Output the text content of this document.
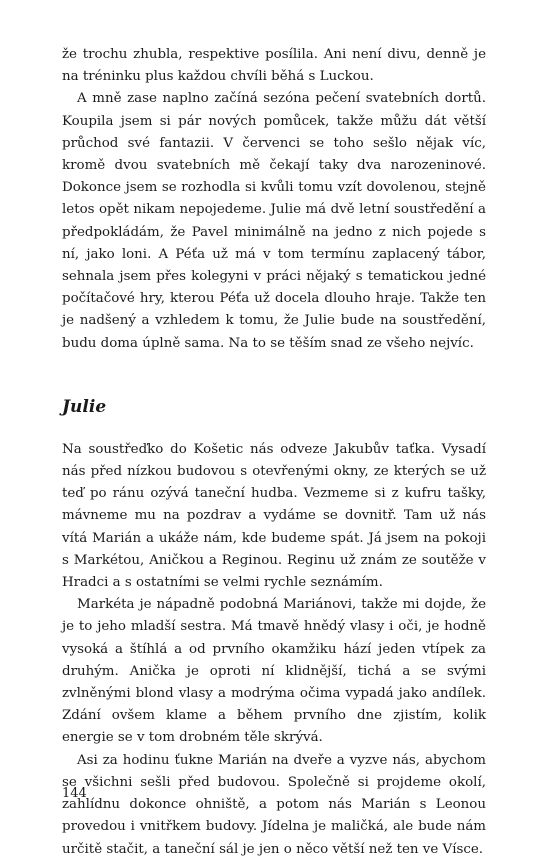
že trochu zhubla, respektive posílila. Ani není divu, denně je na tréninku plus každou chvíli běhá s Luckou.

A mně zase naplno začíná sezóna pečení svatebních dortů. Koupila jsem si pár nových pomůcek, takže můžu dát větší průchod své fantazii. V červenci se toho sešlo nějak víc, kromě dvou svatebních mě čekají taky dva narozeninové. Dokonce jsem se rozhodla si kvůli tomu vzít dovolenou, stejně letos opět nikam nepojedeme. Julie má dvě letní soustředění a předpokládám, že Pavel minimálně na jedno z nich pojede s ní, jako loni. A Péťa už má v tom termínu zaplacený tábor, sehnala jsem přes kolegyni v práci nějaký s tematickou jedné počítačové hry, kterou Péťa už docela dlouho hraje. Takže ten je nadšený a vzhledem k tomu, že Julie bude na soustředění, budu doma úplně sama. Na to se těším snad ze všeho nejvíc.

Julie

Na soustřeďko do Košetic nás odveze Jakubův taťka. Vysadí nás před nízkou budovou s otevřenými okny, ze kterých se už teď po ránu ozývá taneční hudba. Vezmeme si z kufru tašky, mávneme mu na pozdrav a vydáme se dovnitř. Tam už nás vítá Marián a ukáže nám, kde budeme spát. Já jsem na pokoji s Markétou, Aničkou a Reginou. Reginu už znám ze soutěže v Hradci a s ostatními se velmi rychle seznámím.

Markéta je nápadně podobná Mariánovi, takže mi dojde, že je to jeho mladší sestra. Má tmavě hnědý vlasy i oči, je hodně vysoká a štíhlá a od prvního okamžiku hází jeden vtípek za druhým. Anička je oproti ní klidnější, tichá a se svými zvlněnými blond vlasy a modrýma očima vypadá jako andílek. Zdání ovšem klame a během prvního dne zjistím, kolik energie se v tom drobném těle skrývá.

Asi za hodinu ťukne Marián na dveře a vyzve nás, abychom se všichni sešli před budovou. Společně si projdeme okolí, zahlídnu dokonce ohniště, a potom nás Marián s Leonou provedou i vnitřkem budovy. Jídelna je maličká, ale bude nám určitě stačit, a taneční sál je jen o něco větší než ten ve Vísce.

144
